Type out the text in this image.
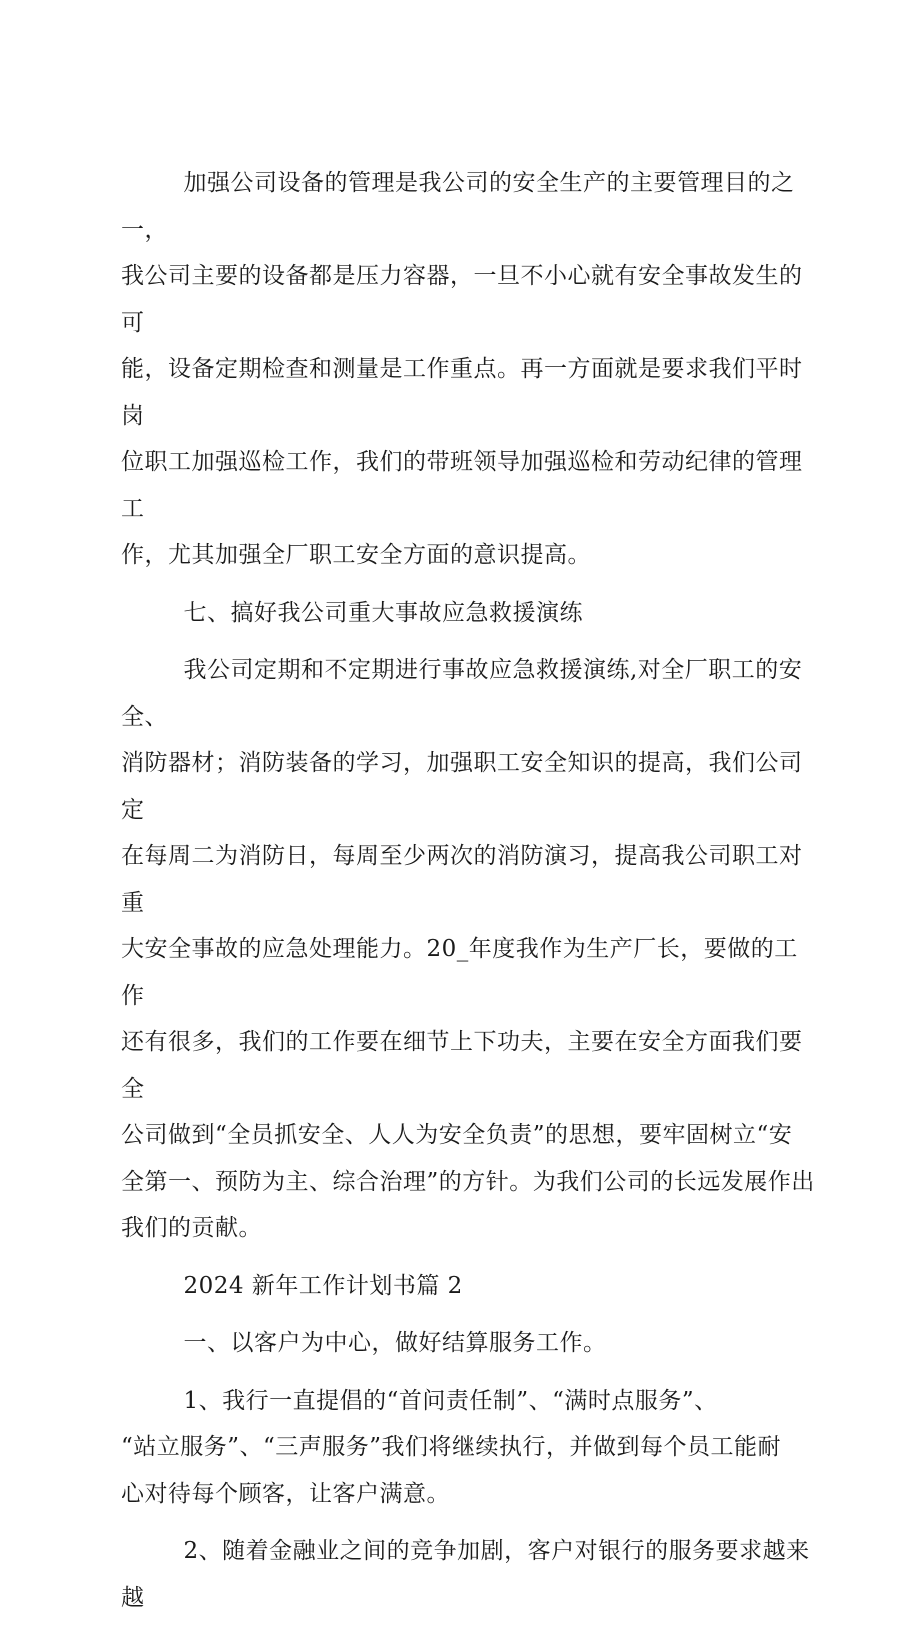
加强公司设备的管理是我公司的安全生产的主要管理目的之一，
我公司主要的设备都是压力容器，一旦不小心就有安全事故发生的可
能，设备定期检查和测量是工作重点。再一方面就是要求我们平时岗
位职工加强巡检工作，我们的带班领导加强巡检和劳动纪律的管理工
作，尤其加强全厂职工安全方面的意识提高。

七、搞好我公司重大事故应急救援演练

我公司定期和不定期进行事故应急救援演练,对全厂职工的安全、
消防器材；消防装备的学习，加强职工安全知识的提高，我们公司定
在每周二为消防日，每周至少两次的消防演习，提高我公司职工对重
大安全事故的应急处理能力。20_年度我作为生产厂长，要做的工作
还有很多，我们的工作要在细节上下功夫，主要在安全方面我们要全
公司做到“全员抓安全、人人为安全负责”的思想，要牢固树立“安
全第一、预防为主、综合治理”的方针。为我们公司的长远发展作出
我们的贡献。

2024 新年工作计划书篇 2

一、以客户为中心，做好结算服务工作。

1、我行一直提倡的“首问责任制”、“满时点服务”、
“站立服务”、“三声服务”我们将继续执行，并做到每个员工能耐
心对待每个顾客，让客户满意。

2、随着金融业之间的竞争加剧，客户对银行的服务要求越来越
